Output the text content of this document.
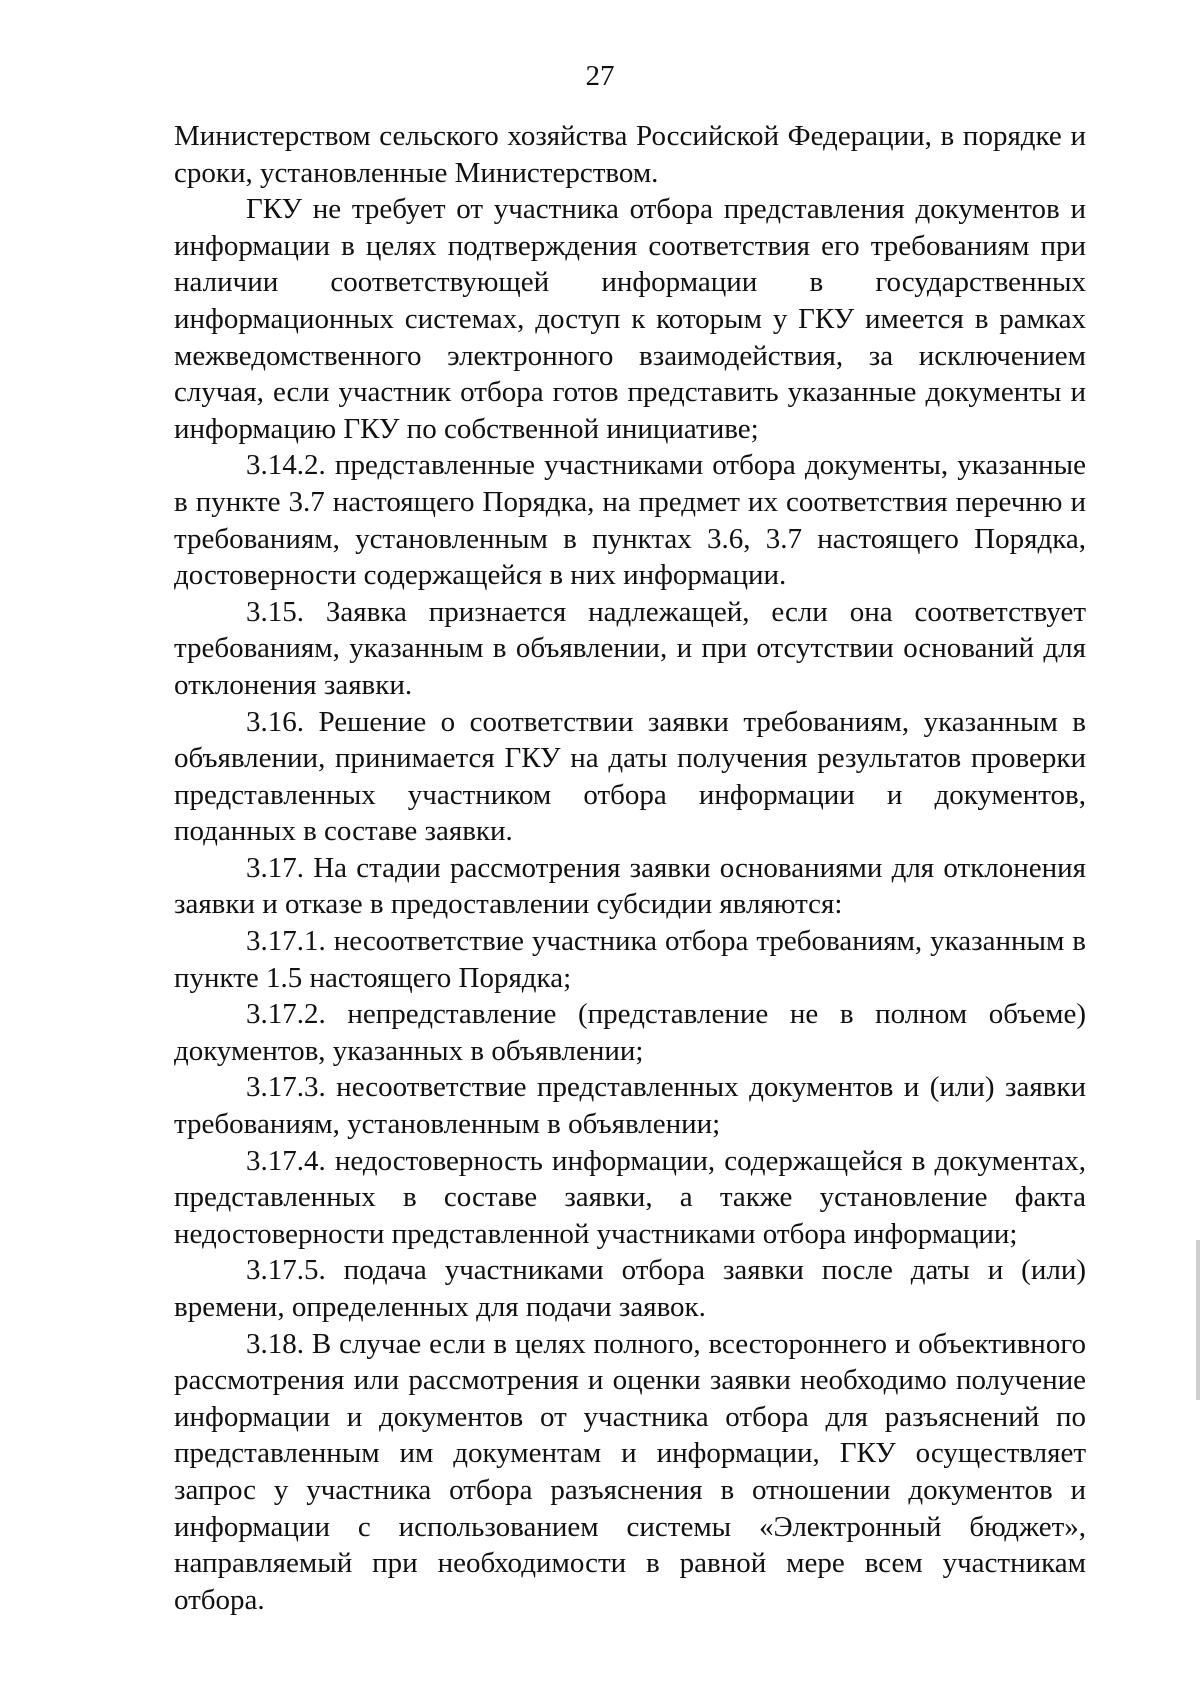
27

Министерством сельского хозяйства Российской Федерации, в порядке и сроки, установленные Министерством.

ГКУ не требует от участника отбора представления документов и информации в целях подтверждения соответствия его требованиям при наличии соответствующей информации в государственных информационных системах, доступ к которым у ГКУ имеется в рамках межведомственного электронного взаимодействия, за исключением случая, если участник отбора готов представить указанные документы и информацию ГКУ по собственной инициативе;

3.14.2. представленные участниками отбора документы, указанные в пункте 3.7 настоящего Порядка, на предмет их соответствия перечню и требованиям, установленным в пунктах 3.6, 3.7 настоящего Порядка, достоверности содержащейся в них информации.

3.15. Заявка признается надлежащей, если она соответствует требованиям, указанным в объявлении, и при отсутствии оснований для отклонения заявки.

3.16. Решение о соответствии заявки требованиям, указанным в объявлении, принимается ГКУ на даты получения результатов проверки представленных участником отбора информации и документов, поданных в составе заявки.

3.17. На стадии рассмотрения заявки основаниями для отклонения заявки и отказе в предоставлении субсидии являются:

3.17.1. несоответствие участника отбора требованиям, указанным в пункте 1.5 настоящего Порядка;

3.17.2. непредставление (представление не в полном объеме) документов, указанных в объявлении;

3.17.3. несоответствие представленных документов и (или) заявки требованиям, установленным в объявлении;

3.17.4. недостоверность информации, содержащейся в документах, представленных в составе заявки, а также установление факта недостоверности представленной участниками отбора информации;

3.17.5. подача участниками отбора заявки после даты и (или) времени, определенных для подачи заявок.

3.18. В случае если в целях полного, всестороннего и объективного рассмотрения или рассмотрения и оценки заявки необходимо получение информации и документов от участника отбора для разъяснений по представленным им документам и информации, ГКУ осуществляет запрос у участника отбора разъяснения в отношении документов и информации с использованием системы «Электронный бюджет», направляемый при необходимости в равной мере всем участникам отбора.
